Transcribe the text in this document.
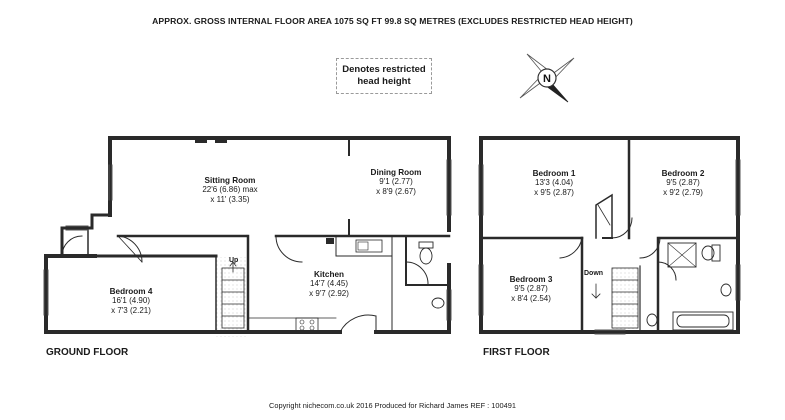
APPROX. GROSS INTERNAL FLOOR AREA 1075 SQ FT 99.8 SQ METRES (EXCLUDES RESTRICTED HEAD HEIGHT)
Denotes restricted
head height	N
Sitting Room
22'6 (6.86) max
x 11' (3.35)
Dining Room
9'1 (2.77)
x 8'9 (2.67)
Bedroom 4
16'1 (4.90)
x 7'3 (2.21)
Kitchen
14'7 (4.45)
x 9'7 (2.92)
Up
GROUND FLOOR
Bedroom 1
13'3 (4.04)
x 9'5 (2.87)
Bedroom 2
9'5 (2.87)
x 9'2 (2.79)
Bedroom 3
9'5 (2.87)
x 8'4 (2.54)
Down
FIRST FLOOR
Copyright nichecom.co.uk 2016 Produced for Richard James REF : 100491
